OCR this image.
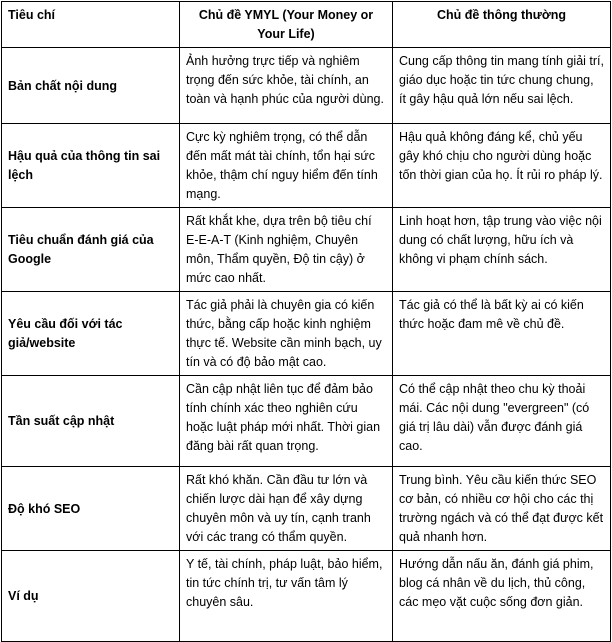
Tiêu chí	Chủ đề YMYL (Your Money or Your Life)	Chủ đề thông thường
Bản chất nội dung	Ảnh hưởng trực tiếp và nghiêm trọng đến sức khỏe, tài chính, an toàn và hạnh phúc của người dùng.	Cung cấp thông tin mang tính giải trí, giáo dục hoặc tin tức chung chung, ít gây hậu quả lớn nếu sai lệch.
Hậu quả của thông tin sai lệch	Cực kỳ nghiêm trọng, có thể dẫn đến mất mát tài chính, tổn hại sức khỏe, thậm chí nguy hiểm đến tính mạng.	Hậu quả không đáng kể, chủ yếu gây khó chịu cho người dùng hoặc tốn thời gian của họ. Ít rủi ro pháp lý.
Tiêu chuẩn đánh giá của Google	Rất khắt khe, dựa trên bộ tiêu chí E-E-A-T (Kinh nghiệm, Chuyên môn, Thẩm quyền, Độ tin cậy) ở mức cao nhất.	Linh hoạt hơn, tập trung vào việc nội dung có chất lượng, hữu ích và không vi phạm chính sách.
Yêu cầu đối với tác giả/website	Tác giả phải là chuyên gia có kiến thức, bằng cấp hoặc kinh nghiệm thực tế. Website cần minh bạch, uy tín và có độ bảo mật cao.	Tác giả có thể là bất kỳ ai có kiến thức hoặc đam mê về chủ đề.
Tần suất cập nhật	Cần cập nhật liên tục để đảm bảo tính chính xác theo nghiên cứu hoặc luật pháp mới nhất. Thời gian đăng bài rất quan trọng.	Có thể cập nhật theo chu kỳ thoải mái. Các nội dung "evergreen" (có giá trị lâu dài) vẫn được đánh giá cao.
Độ khó SEO	Rất khó khăn. Cần đầu tư lớn và chiến lược dài hạn để xây dựng chuyên môn và uy tín, cạnh tranh với các trang có thẩm quyền.	Trung bình. Yêu cầu kiến thức SEO cơ bản, có nhiều cơ hội cho các thị trường ngách và có thể đạt được kết quả nhanh hơn.
Ví dụ	Y tế, tài chính, pháp luật, bảo hiểm, tin tức chính trị, tư vấn tâm lý chuyên sâu.	Hướng dẫn nấu ăn, đánh giá phim, blog cá nhân về du lịch, thủ công, các mẹo vặt cuộc sống đơn giản.
